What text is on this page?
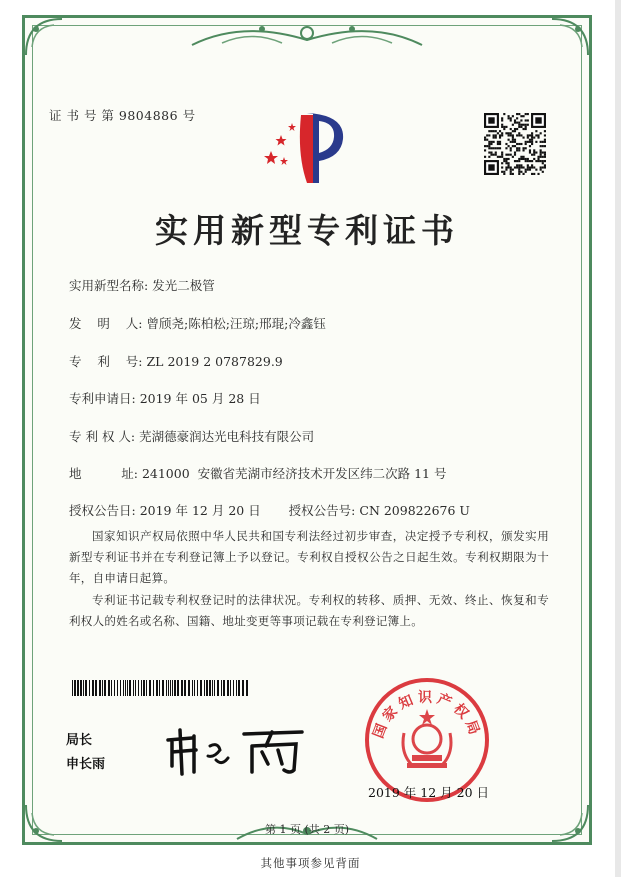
证 书 号 第 9804886 号
实用新型专利证书
实用新型名称: 发光二极管
发    明    人: 曾颀尧;陈柏松;汪琼;邢琨;冷鑫钰
专    利    号: ZL 2019 2 0787829.9
专利申请日: 2019 年 05 月 28 日
专 利 权 人: 芜湖德豪润达光电科技有限公司
地          址: 241000  安徽省芜湖市经济技术开发区纬二次路 11 号
授权公告日: 2019 年 12 月 20 日 授权公告号: CN 209822676 U
国家知识产权局依照中华人民共和国专利法经过初步审查，决定授予专利权，颁发实用新型专利证书并在专利登记簿上予以登记。专利权自授权公告之日起生效。专利权期限为十年，自申请日起算。
专利证书记载专利权登记时的法律状况。专利权的转移、质押、无效、终止、恢复和专利权人的姓名或名称、国籍、地址变更等事项记载在专利登记簿上。
局长
申长雨
国家知识产权局
2019 年 12 月 20 日
第 1 页 (共 2 页)
其他事项参见背面
